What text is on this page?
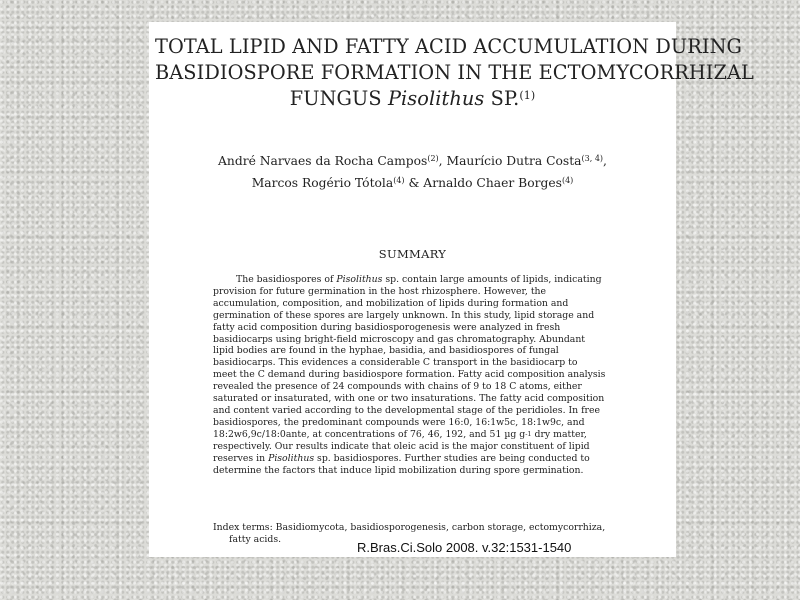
TOTAL LIPID AND FATTY ACID ACCUMULATION DURING
BASIDIOSPORE FORMATION IN THE ECTOMYCORRHIZAL
FUNGUS Pisolithus SP.$^{(1)}$
André Narvaes da Rocha Campos$^{(2)}$, Maurício Dutra Costa$^{(3, 4)}$,
Marcos Rogério Tótola$^{(4)}$ & Arnaldo Chaer Borges$^{(4)}$
SUMMARY
The basidiospores of Pisolithus sp. contain large amounts of lipids, indicating
provision for future germination in the host rhizosphere. However, the
accumulation, composition, and mobilization of lipids during formation and
germination of these spores are largely unknown. In this study, lipid storage and
fatty acid composition during basidiosporogenesis were analyzed in fresh
basidiocarps using bright-field microscopy and gas chromatography. Abundant
lipid bodies are found in the hyphae, basidia, and basidiospores of fungal
basidiocarps. This evidences a considerable C transport in the basidiocarp to
meet the C demand during basidiospore formation. Fatty acid composition analysis
revealed the presence of 24 compounds with chains of 9 to 18 C atoms, either
saturated or insaturated, with one or two insaturations. The fatty acid composition
and content varied according to the developmental stage of the peridioles. In free
basidiospores, the predominant compounds were 16:0, 16:1w5c, 18:1w9c, and
18:2w6,9c/18:0ante, at concentrations of 76, 46, 192, and 51 µg $g^{-1}$ dry matter,
respectively. Our results indicate that oleic acid is the major constituent of lipid
reserves in Pisolithus sp. basidiospores. Further studies are being conducted to
determine the factors that induce lipid mobilization during spore germination.
Index terms: Basidiomycota, basidiosporogenesis, carbon storage, ectomycorrhiza,
fatty acids.
R.Bras.Ci.Solo 2008. v.32:1531-1540
